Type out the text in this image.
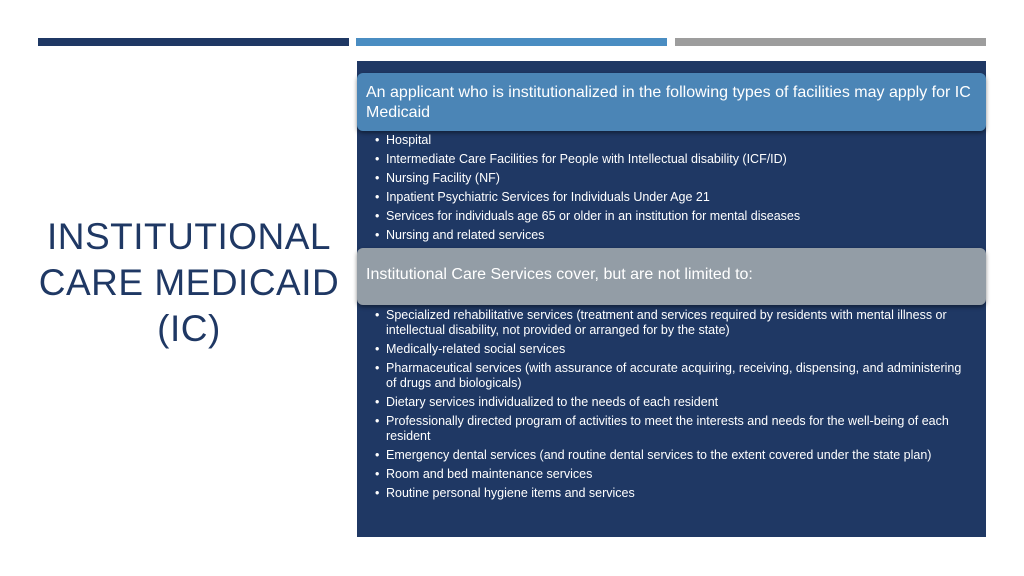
INSTITUTIONAL
CARE MEDICAID
(IC)
An applicant who is institutionalized in the following types of facilities may apply for IC Medicaid
• Hospital
• Intermediate Care Facilities for People with Intellectual disability (ICF/ID)
• Nursing Facility (NF)
• Inpatient Psychiatric Services for Individuals Under Age 21
• Services for individuals age 65 or older in an institution for mental diseases
• Nursing and related services
Institutional Care Services cover, but are not limited to:
• Specialized rehabilitative services (treatment and services required by residents with mental illness or intellectual disability, not provided or arranged for by the state)
• Medically-related social services
• Pharmaceutical services (with assurance of accurate acquiring, receiving, dispensing, and administering of drugs and biologicals)
• Dietary services individualized to the needs of each resident
• Professionally directed program of activities to meet the interests and needs for the well-being of each resident
• Emergency dental services (and routine dental services to the extent covered under the state plan)
• Room and bed maintenance services
• Routine personal hygiene items and services
